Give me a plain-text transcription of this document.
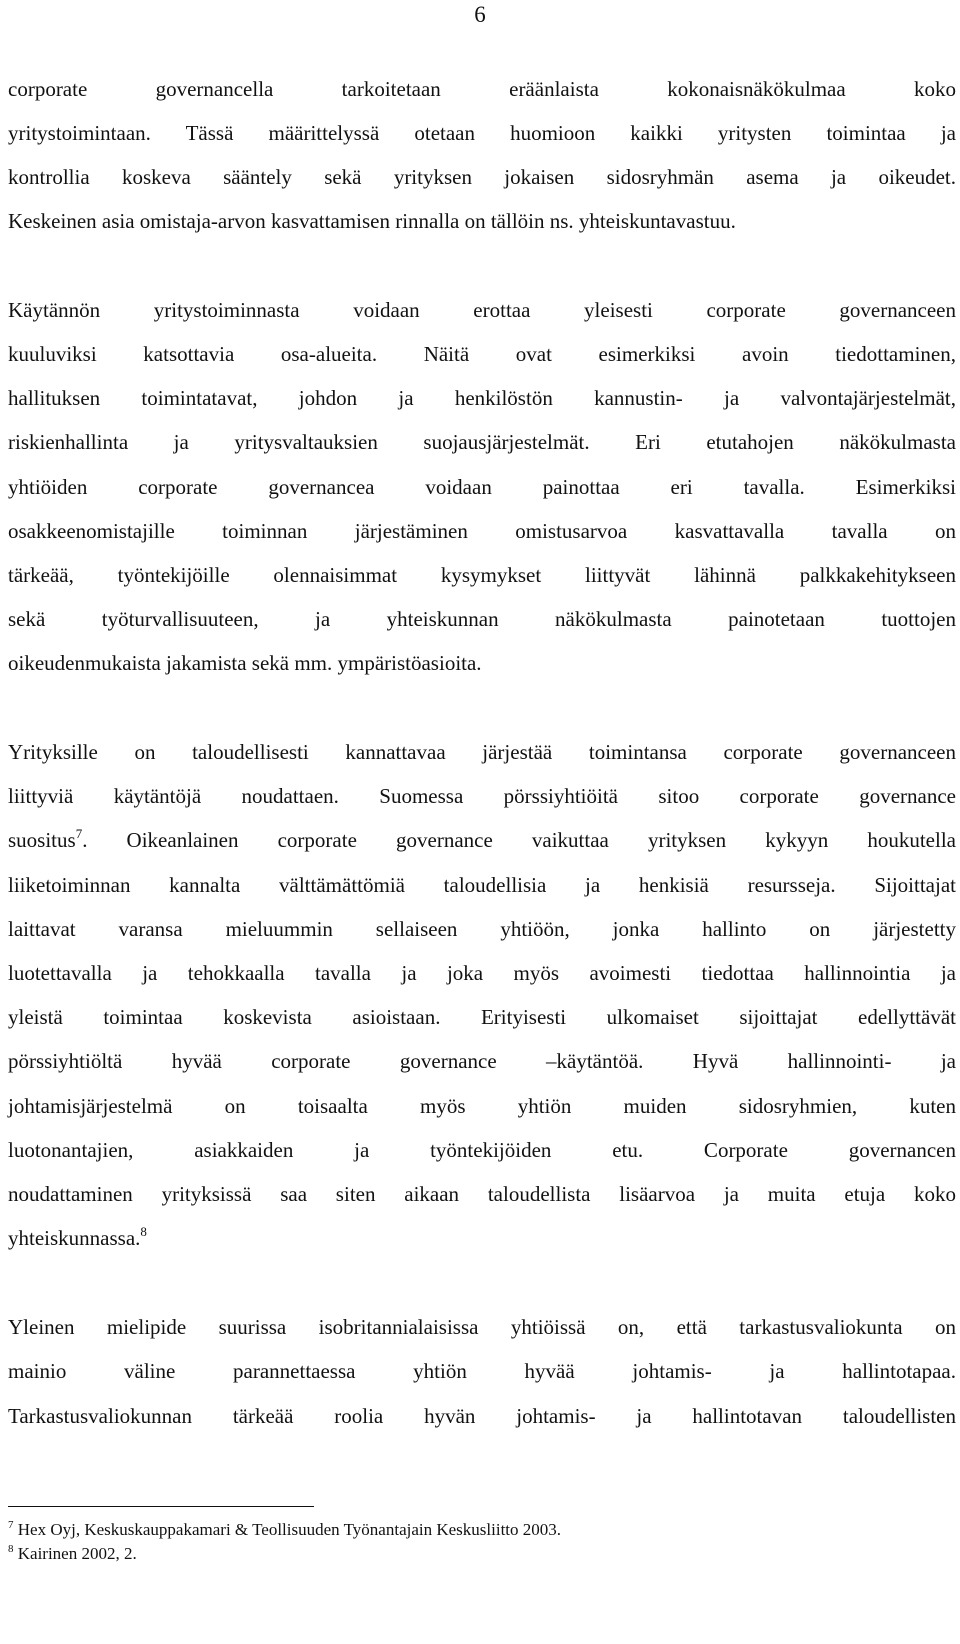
6
corporate governancella tarkoitetaan eräänlaista kokonaisnäkökulmaa koko
yritystoimintaan. Tässä määrittelyssä otetaan huomioon kaikki yritysten toimintaa ja
kontrollia koskeva sääntely sekä yrityksen jokaisen sidosryhmän asema ja oikeudet.
Keskeinen asia omistaja-arvon kasvattamisen rinnalla on tällöin ns. yhteiskuntavastuu.
Käytännön yritystoiminnasta voidaan erottaa yleisesti corporate governanceen
kuuluviksi katsottavia osa-alueita. Näitä ovat esimerkiksi avoin tiedottaminen,
hallituksen toimintatavat, johdon ja henkilöstön kannustin- ja valvontajärjestelmät,
riskienhallinta ja yritysvaltauksien suojausjärjestelmät. Eri etutahojen näkökulmasta
yhtiöiden corporate governancea voidaan painottaa eri tavalla. Esimerkiksi
osakkeenomistajille toiminnan järjestäminen omistusarvoa kasvattavalla tavalla on
tärkeää, työntekijöille olennaisimmat kysymykset liittyvät lähinnä palkkakehitykseen
sekä työturvallisuuteen, ja yhteiskunnan näkökulmasta painotetaan tuottojen
oikeudenmukaista jakamista sekä mm. ympäristöasioita.
Yrityksille on taloudellisesti kannattavaa järjestää toimintansa corporate governanceen
liittyviä käytäntöjä noudattaen. Suomessa pörssiyhtiöitä sitoo corporate governance
suositus$^7$. Oikeanlainen corporate governance vaikuttaa yrityksen kykyyn houkutella
liiketoiminnan kannalta välttämättömiä taloudellisia ja henkisiä resursseja. Sijoittajat
laittavat varansa mieluummin sellaiseen yhtiöön, jonka hallinto on järjestetty
luotettavalla ja tehokkaalla tavalla ja joka myös avoimesti tiedottaa hallinnointia ja
yleistä toimintaa koskevista asioistaan. Erityisesti ulkomaiset sijoittajat edellyttävät
pörssiyhtiöltä hyvää corporate governance –käytäntöä. Hyvä hallinnointi- ja
johtamisjärjestelmä on toisaalta myös yhtiön muiden sidosryhmien, kuten
luotonantajien, asiakkaiden ja työntekijöiden etu. Corporate governancen
noudattaminen yrityksissä saa siten aikaan taloudellista lisäarvoa ja muita etuja koko
yhteiskunnassa.$^8$
Yleinen mielipide suurissa isobritannialaisissa yhtiöissä on, että tarkastusvaliokunta on
mainio väline parannettaessa yhtiön hyvää johtamis- ja hallintotapaa.
Tarkastusvaliokunnan tärkeää roolia hyvän johtamis- ja hallintotavan taloudellisten
$^7$ Hex Oyj, Keskuskauppakamari & Teollisuuden Työnantajain Keskusliitto 2003.
$^8$ Kairinen 2002, 2.
